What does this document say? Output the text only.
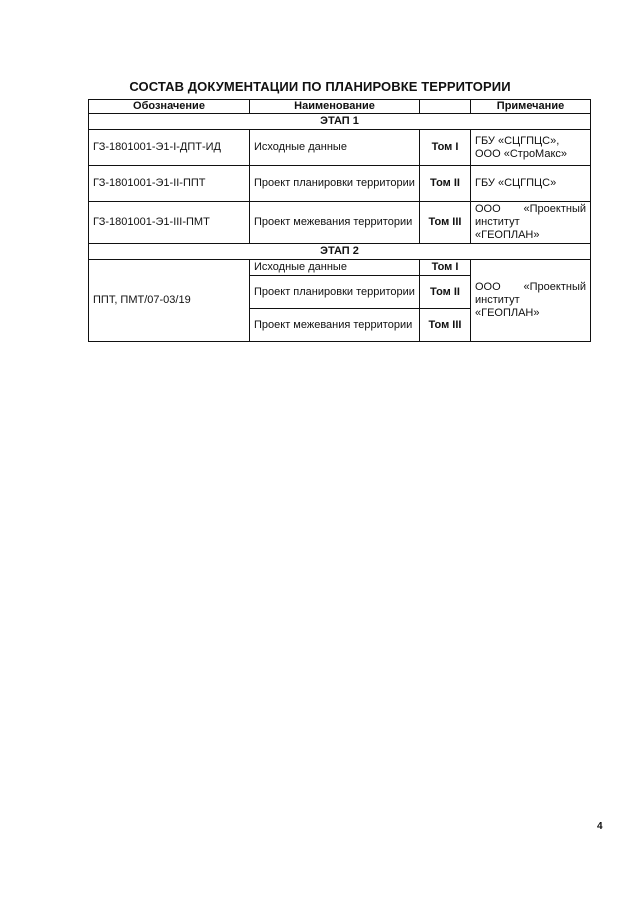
СОСТАВ ДОКУМЕНТАЦИИ ПО ПЛАНИРОВКЕ ТЕРРИТОРИИ
Обозначение	Наименование		Примечание
ЭТАП 1			
ГЗ-1801001-Э1-I-ДПТ-ИД	Исходные данные	Том I	ГБУ «СЦГПЦС», ООО «СтроМакс»
ГЗ-1801001-Э1-II-ППТ	Проект планировки территории	Том II	ГБУ «СЦГПЦС»
ГЗ-1801001-Э1-III-ПМТ	Проект межевания территории	Том III	ООО «Проектный институт «ГЕОПЛАН»
ЭТАП 2			
ППТ, ПМТ/07-03/19	Исходные данные	Том I	ООО «Проектный институт «ГЕОПЛАН»
	Проект планировки территории	Том II	
	Проект межевания территории	Том III	
4
